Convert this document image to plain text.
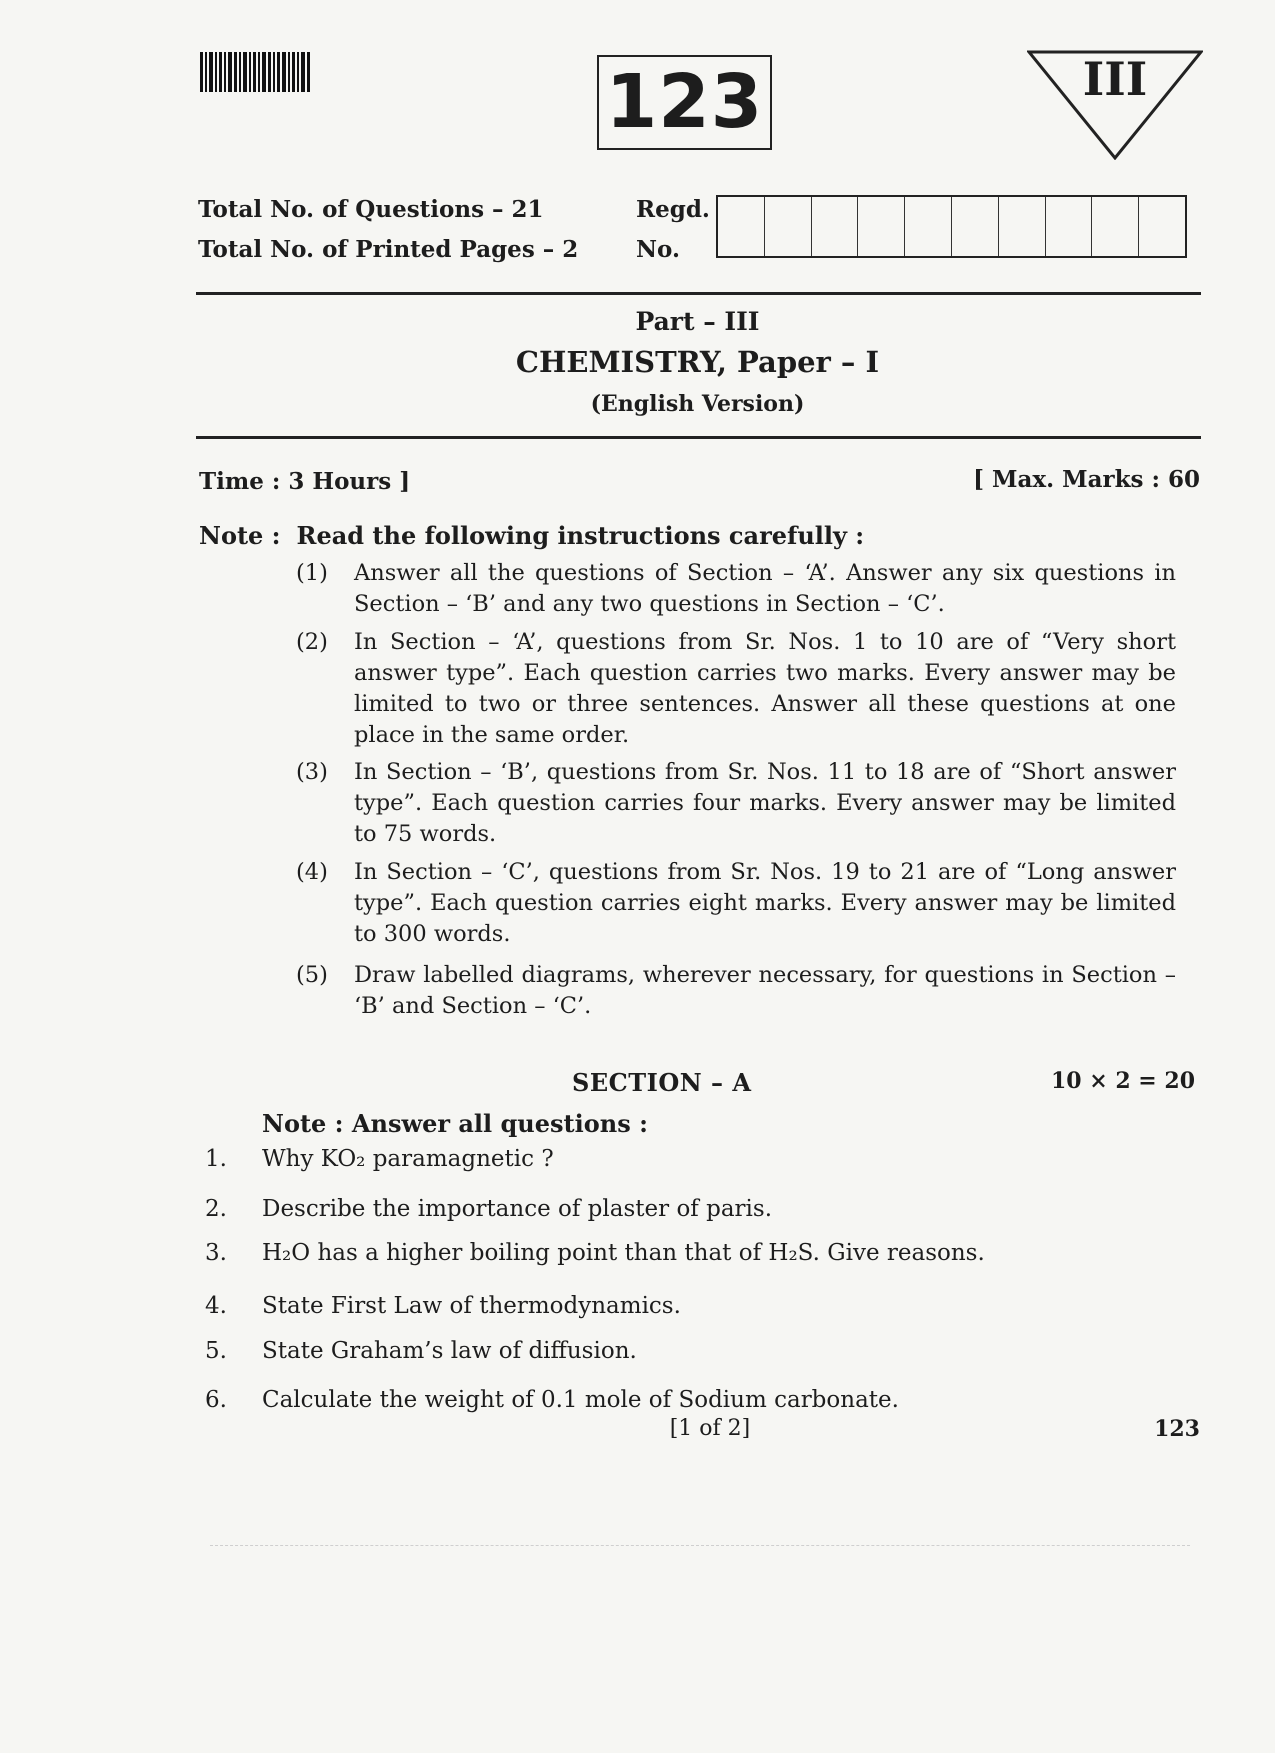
123	III
Total No. of Questions – 21
Total No. of Printed Pages – 2
Regd.
No.
Part – III
CHEMISTRY, Paper – I
(English Version)
Time : 3 Hours ]	[ Max. Marks : 60
Note : Read the following instructions carefully :
(1) Answer all the questions of Section – ‘A’. Answer any six questions in Section – ‘B’ and any two questions in Section – ‘C’.
(2) In Section – ‘A’, questions from Sr. Nos. 1 to 10 are of “Very short answer type”. Each question carries two marks. Every answer may be limited to two or three sentences. Answer all these questions at one place in the same order.
(3) In Section – ‘B’, questions from Sr. Nos. 11 to 18 are of “Short answer type”. Each question carries four marks. Every answer may be limited to 75 words.
(4) In Section – ‘C’, questions from Sr. Nos. 19 to 21 are of “Long answer type”. Each question carries eight marks. Every answer may be limited to 300 words.
(5) Draw labelled diagrams, wherever necessary, for questions in Section – ‘B’ and Section – ‘C’.
SECTION – A	10 × 2 = 20
Note : Answer all questions :
1. Why KO₂ paramagnetic ?
2. Describe the importance of plaster of paris.
3. H₂O has a higher boiling point than that of H₂S. Give reasons.
4. State First Law of thermodynamics.
5. State Graham’s law of diffusion.
6. Calculate the weight of 0.1 mole of Sodium carbonate.
[1 of 2]	123
